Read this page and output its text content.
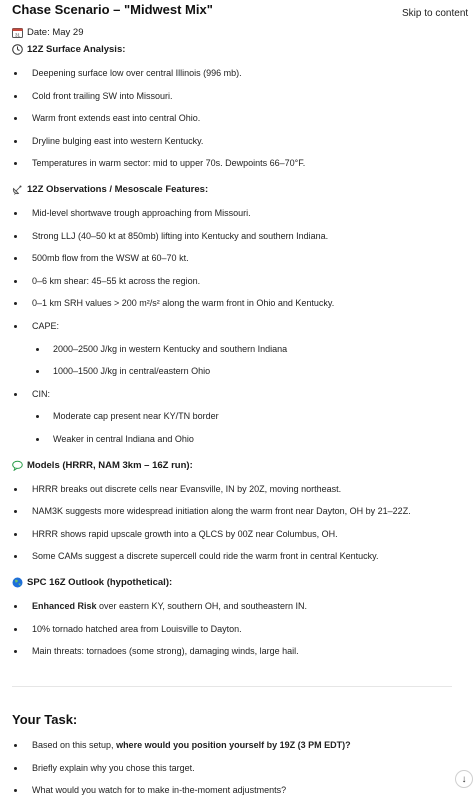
Chase Scenario – "Midwest Mix"	Skip to content
31 Date: May 29
12Z Surface Analysis:
Deepening surface low over central Illinois (996 mb).
Cold front trailing SW into Missouri.
Warm front extends east into central Ohio.
Dryline bulging east into western Kentucky.
Temperatures in warm sector: mid to upper 70s. Dewpoints 66–70°F.
12Z Observations / Mesoscale Features:
Mid-level shortwave trough approaching from Missouri.
Strong LLJ (40–50 kt at 850mb) lifting into Kentucky and southern Indiana.
500mb flow from the WSW at 60–70 kt.
0–6 km shear: 45–55 kt across the region.
0–1 km SRH values > 200 m²/s² along the warm front in Ohio and Kentucky.
CAPE:
2000–2500 J/kg in western Kentucky and southern Indiana
1000–1500 J/kg in central/eastern Ohio
CIN:
Moderate cap present near KY/TN border
Weaker in central Indiana and Ohio
Models (HRRR, NAM 3km – 16Z run):
HRRR breaks out discrete cells near Evansville, IN by 20Z, moving northeast.
NAM3K suggests more widespread initiation along the warm front near Dayton, OH by 21–22Z.
HRRR shows rapid upscale growth into a QLCS by 00Z near Columbus, OH.
Some CAMs suggest a discrete supercell could ride the warm front in central Kentucky.
SPC 16Z Outlook (hypothetical):
Enhanced Risk over eastern KY, southern OH, and southeastern IN.
10% tornado hatched area from Louisville to Dayton.
Main threats: tornadoes (some strong), damaging winds, large hail.
Your Task:
Based on this setup, where would you position yourself by 19Z (3 PM EDT)?
Briefly explain why you chose this target.
What would you watch for to make in-the-moment adjustments?
↓
